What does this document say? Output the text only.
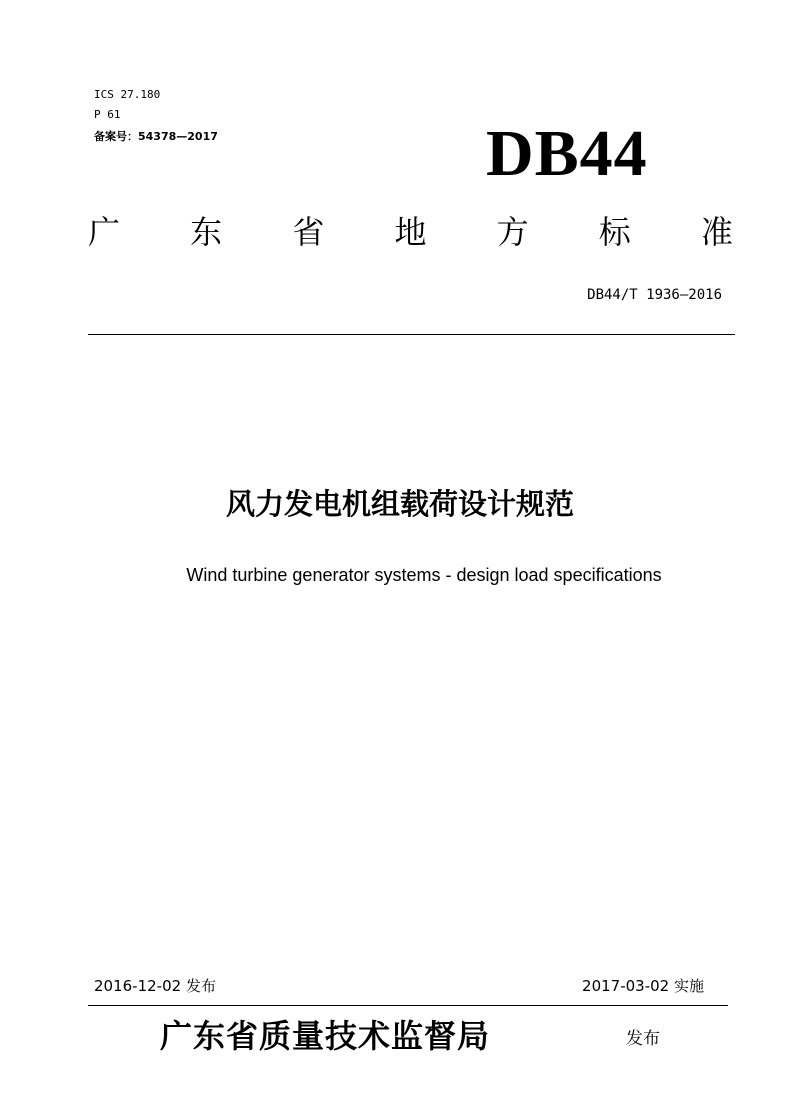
ICS 27.180
P 61
备案号：54378—2017	DB44
广 东 省 地 方 标 准
DB44/T 1936—2016
风力发电机组载荷设计规范
Wind turbine generator systems - design load specifications
2016-12-02 发布	2017-03-02 实施
广东省质量技术监督局	发布
